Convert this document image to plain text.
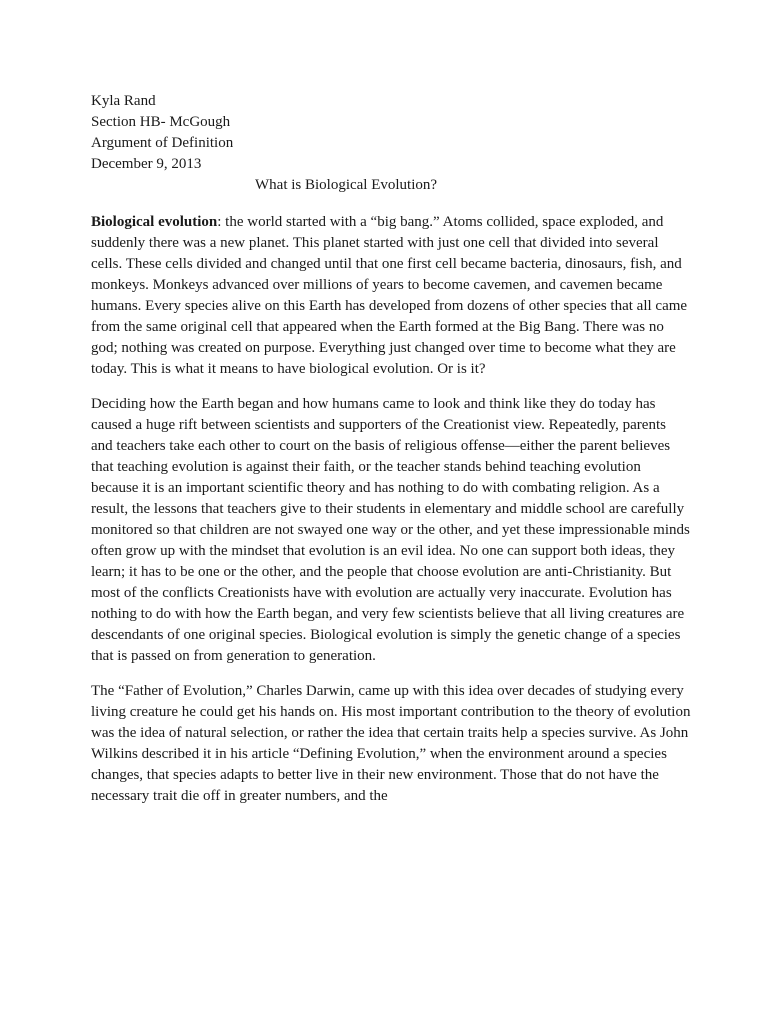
Kyla Rand

Section HB- McGough

Argument of Definition

December 9, 2013

What is Biological Evolution?

Biological evolution: the world started with a “big bang.” Atoms collided, space exploded, and suddenly there was a new planet. This planet started with just one cell that divided into several cells. These cells divided and changed until that one first cell became bacteria, dinosaurs, fish, and monkeys. Monkeys advanced over millions of years to become cavemen, and cavemen became humans. Every species alive on this Earth has developed from dozens of other species that all came from the same original cell that appeared when the Earth formed at the Big Bang. There was no god; nothing was created on purpose. Everything just changed over time to become what they are today. This is what it means to have biological evolution. Or is it?

Deciding how the Earth began and how humans came to look and think like they do today has caused a huge rift between scientists and supporters of the Creationist view. Repeatedly, parents and teachers take each other to court on the basis of religious offense—either the parent believes that teaching evolution is against their faith, or the teacher stands behind teaching evolution because it is an important scientific theory and has nothing to do with combating religion. As a result, the lessons that teachers give to their students in elementary and middle school are carefully monitored so that children are not swayed one way or the other, and yet these impressionable minds often grow up with the mindset that evolution is an evil idea. No one can support both ideas, they learn; it has to be one or the other, and the people that choose evolution are anti-Christianity. But most of the conflicts Creationists have with evolution are actually very inaccurate. Evolution has nothing to do with how the Earth began, and very few scientists believe that all living creatures are descendants of one original species. Biological evolution is simply the genetic change of a species that is passed on from generation to generation.

The “Father of Evolution,” Charles Darwin, came up with this idea over decades of studying every living creature he could get his hands on. His most important contribution to the theory of evolution was the idea of natural selection, or rather the idea that certain traits help a species survive. As John Wilkins described it in his article “Defining Evolution,” when the environment around a species changes, that species adapts to better live in their new environment. Those that do not have the necessary trait die off in greater numbers, and the
